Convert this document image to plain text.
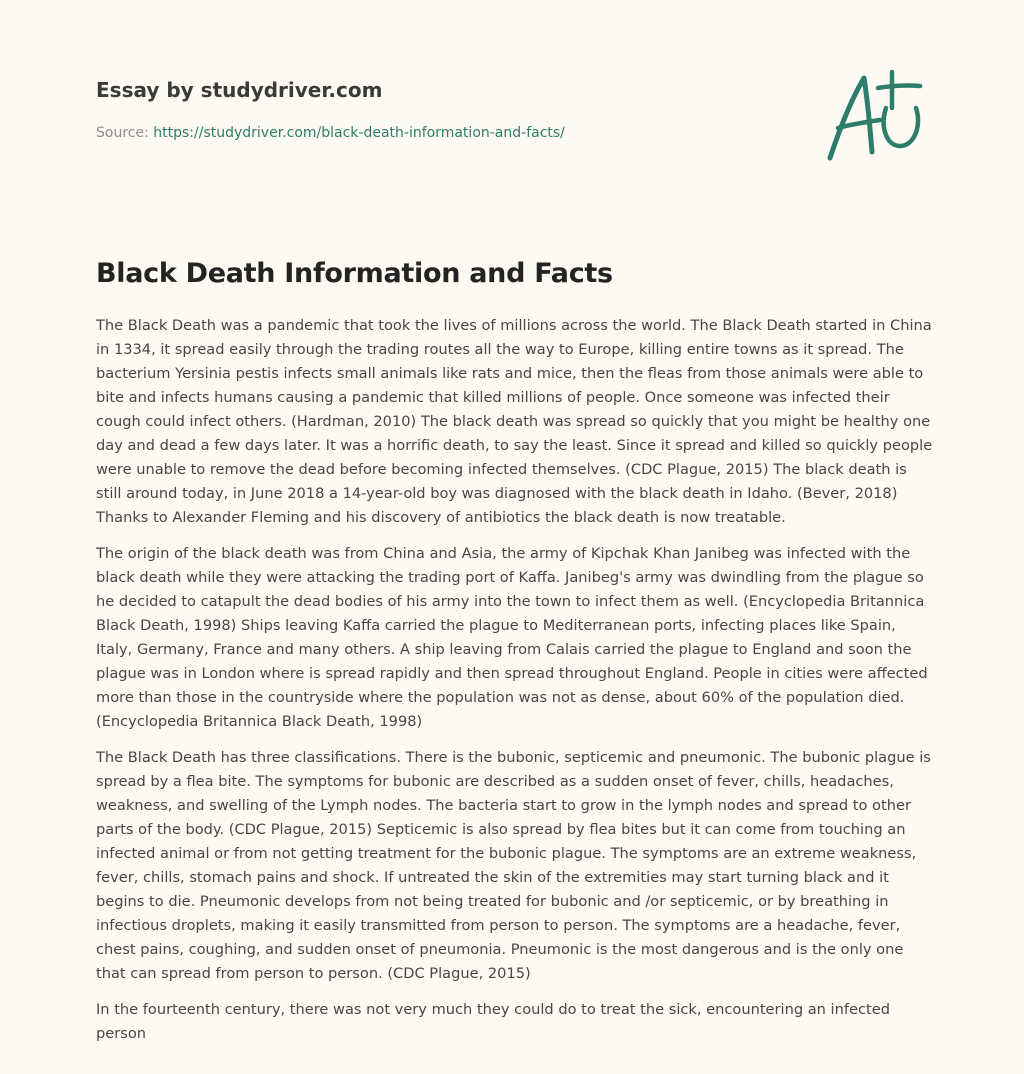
Essay by studydriver.com
Source: https://studydriver.com/black-death-information-and-facts/
Black Death Information and Facts

The Black Death was a pandemic that took the lives of millions across the world. The Black Death started in China in 1334, it spread easily through the trading routes all the way to Europe, killing entire towns as it spread. The bacterium Yersinia pestis infects small animals like rats and mice, then the fleas from those animals were able to bite and infects humans causing a pandemic that killed millions of people. Once someone was infected their cough could infect others. (Hardman, 2010) The black death was spread so quickly that you might be healthy one day and dead a few days later. It was a horrific death, to say the least. Since it spread and killed so quickly people were unable to remove the dead before becoming infected themselves. (CDC Plague, 2015) The black death is still around today, in June 2018 a 14-year-old boy was diagnosed with the black death in Idaho. (Bever, 2018) Thanks to Alexander Fleming and his discovery of antibiotics the black death is now treatable.

The origin of the black death was from China and Asia, the army of Kipchak Khan Janibeg was infected with the black death while they were attacking the trading port of Kaffa. Janibeg's army was dwindling from the plague so he decided to catapult the dead bodies of his army into the town to infect them as well. (Encyclopedia Britannica Black Death, 1998) Ships leaving Kaffa carried the plague to Mediterranean ports, infecting places like Spain, Italy, Germany, France and many others. A ship leaving from Calais carried the plague to England and soon the plague was in London where is spread rapidly and then spread throughout England. People in cities were affected more than those in the countryside where the population was not as dense, about 60% of the population died. (Encyclopedia Britannica Black Death, 1998)

The Black Death has three classifications. There is the bubonic, septicemic and pneumonic. The bubonic plague is spread by a flea bite. The symptoms for bubonic are described as a sudden onset of fever, chills, headaches, weakness, and swelling of the Lymph nodes. The bacteria start to grow in the lymph nodes and spread to other parts of the body. (CDC Plague, 2015) Septicemic is also spread by flea bites but it can come from touching an infected animal or from not getting treatment for the bubonic plague. The symptoms are an extreme weakness, fever, chills, stomach pains and shock. If untreated the skin of the extremities may start turning black and it begins to die. Pneumonic develops from not being treated for bubonic and /or septicemic, or by breathing in infectious droplets, making it easily transmitted from person to person. The symptoms are a headache, fever, chest pains, coughing, and sudden onset of pneumonia. Pneumonic is the most dangerous and is the only one that can spread from person to person. (CDC Plague, 2015)

In the fourteenth century, there was not very much they could do to treat the sick, encountering an infected person
